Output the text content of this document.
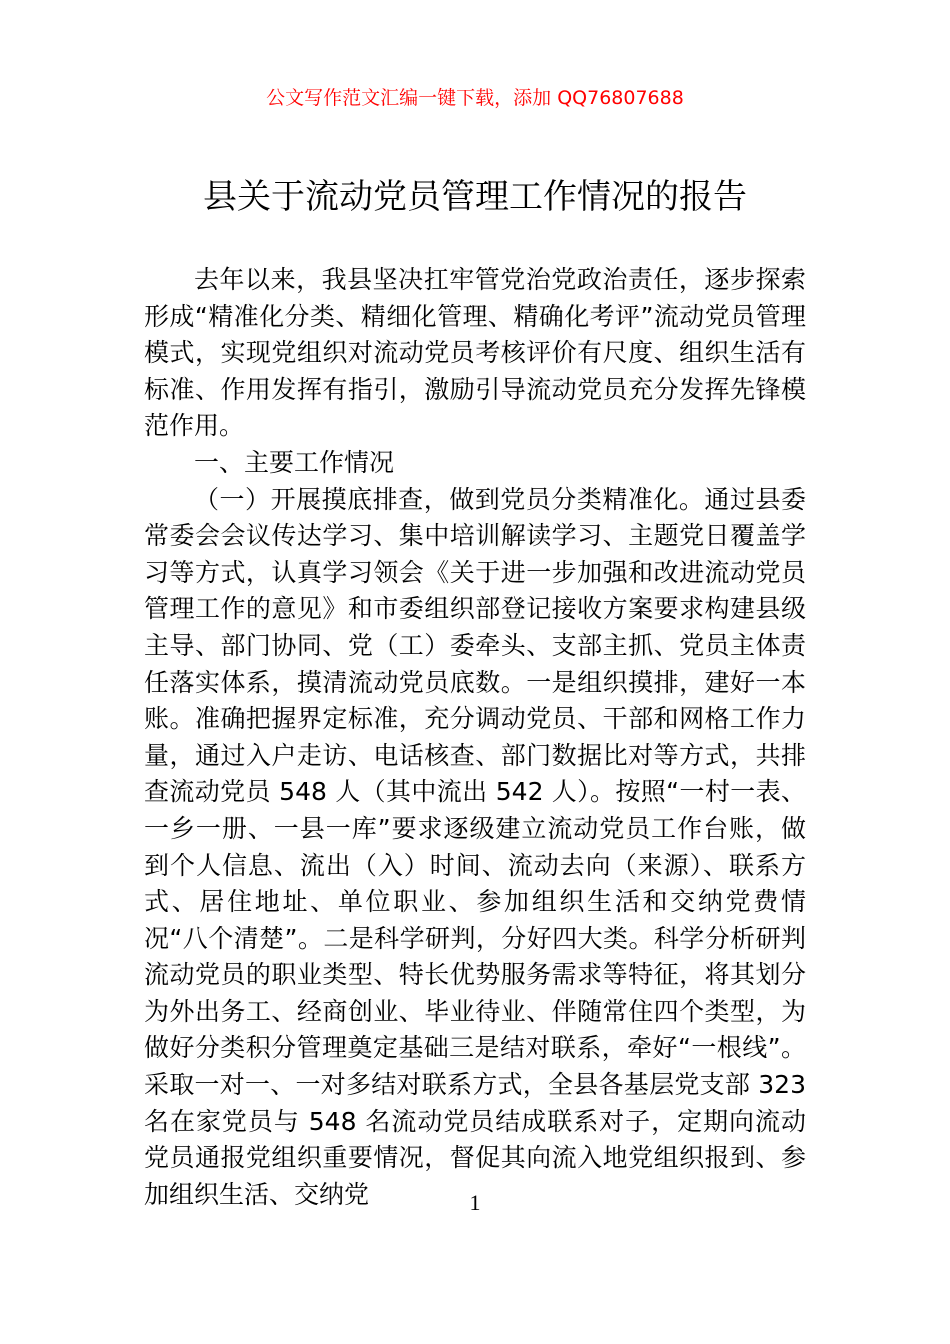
公文写作范文汇编一键下载，添加 QQ76807688
县关于流动党员管理工作情况的报告

去年以来，我县坚决扛牢管党治党政治责任，逐步探索形成“精准化分类、精细化管理、精确化考评”流动党员管理模式，实现党组织对流动党员考核评价有尺度、组织生活有标准、作用发挥有指引，激励引导流动党员充分发挥先锋模范作用。

一、主要工作情况

（一）开展摸底排查，做到党员分类精准化。通过县委常委会会议传达学习、集中培训解读学习、主题党日覆盖学习等方式，认真学习领会《关于进一步加强和改进流动党员管理工作的意见》和市委组织部登记接收方案要求构建县级主导、部门协同、党（工）委牵头、支部主抓、党员主体责任落实体系，摸清流动党员底数。一是组织摸排，建好一本账。准确把握界定标准，充分调动党员、干部和网格工作力量，通过入户走访、电话核查、部门数据比对等方式，共排查流动党员 548 人（其中流出 542 人）。按照“一村一表、一乡一册、一县一库”要求逐级建立流动党员工作台账，做到个人信息、流出（入）时间、流动去向（来源）、联系方式、居住地址、单位职业、参加组织生活和交纳党费情况“八个清楚”。二是科学研判，分好四大类。科学分析研判流动党员的职业类型、特长优势服务需求等特征，将其划分为外出务工、经商创业、毕业待业、伴随常住四个类型，为做好分类积分管理奠定基础三是结对联系，牵好“一根线”。采取一对一、一对多结对联系方式，全县各基层党支部 323 名在家党员与 548 名流动党员结成联系对子，定期向流动党员通报党组织重要情况，督促其向流入地党组织报到、参加组织生活、交纳党	1
